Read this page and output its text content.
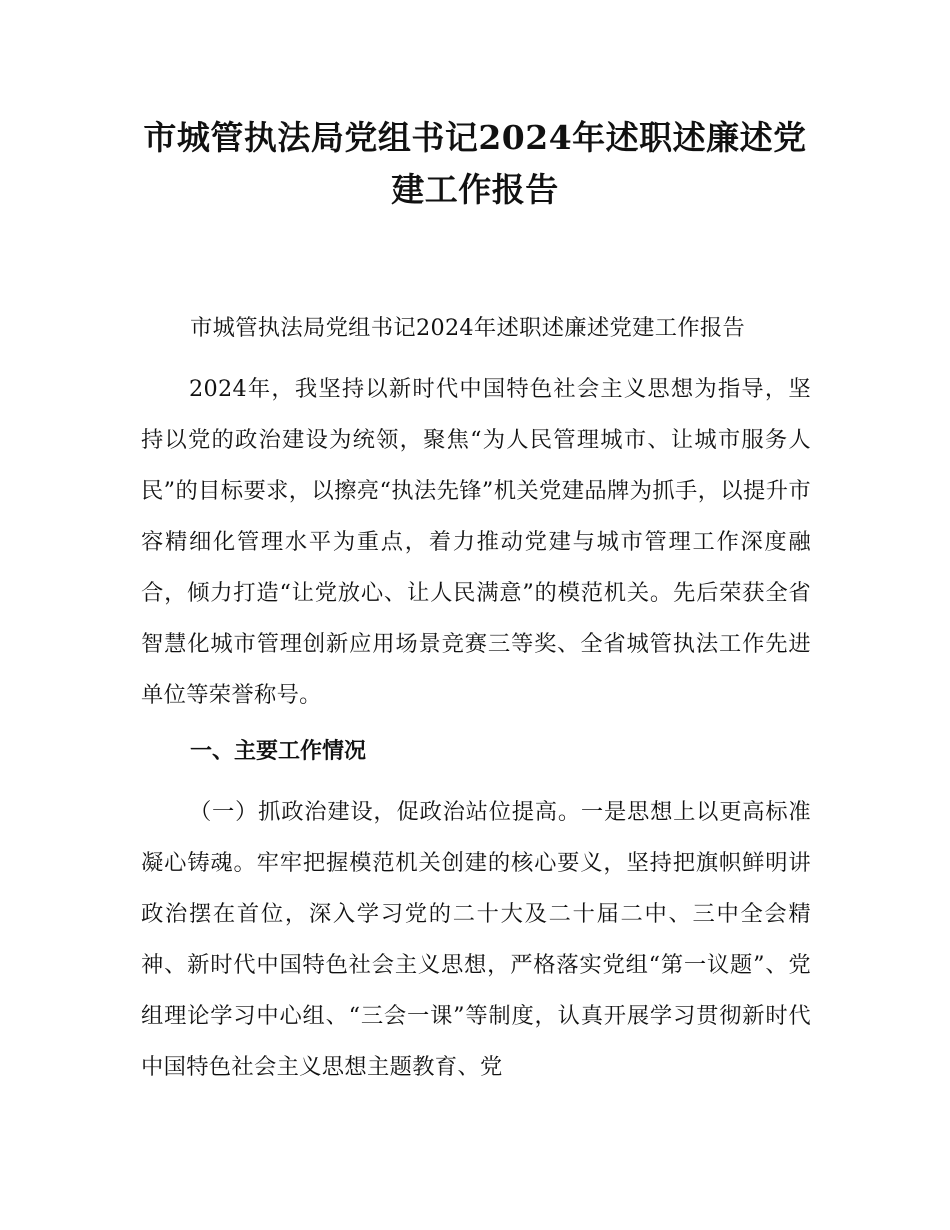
市城管执法局党组书记2024年述职述廉述党建工作报告

市城管执法局党组书记2024年述职述廉述党建工作报告

2024年，我坚持以新时代中国特色社会主义思想为指导，坚持以党的政治建设为统领，聚焦“为人民管理城市、让城市服务人民”的目标要求，以擦亮“执法先锋”机关党建品牌为抓手，以提升市容精细化管理水平为重点，着力推动党建与城市管理工作深度融合，倾力打造“让党放心、让人民满意”的模范机关。先后荣获全省智慧化城市管理创新应用场景竞赛三等奖、全省城管执法工作先进单位等荣誉称号。

一、主要工作情况

（一）抓政治建设，促政治站位提高。一是思想上以更高标准凝心铸魂。牢牢把握模范机关创建的核心要义，坚持把旗帜鲜明讲政治摆在首位，深入学习党的二十大及二十届二中、三中全会精神、新时代中国特色社会主义思想，严格落实党组“第一议题”、党组理论学习中心组、“三会一课”等制度，认真开展学习贯彻新时代中国特色社会主义思想主题教育、党
